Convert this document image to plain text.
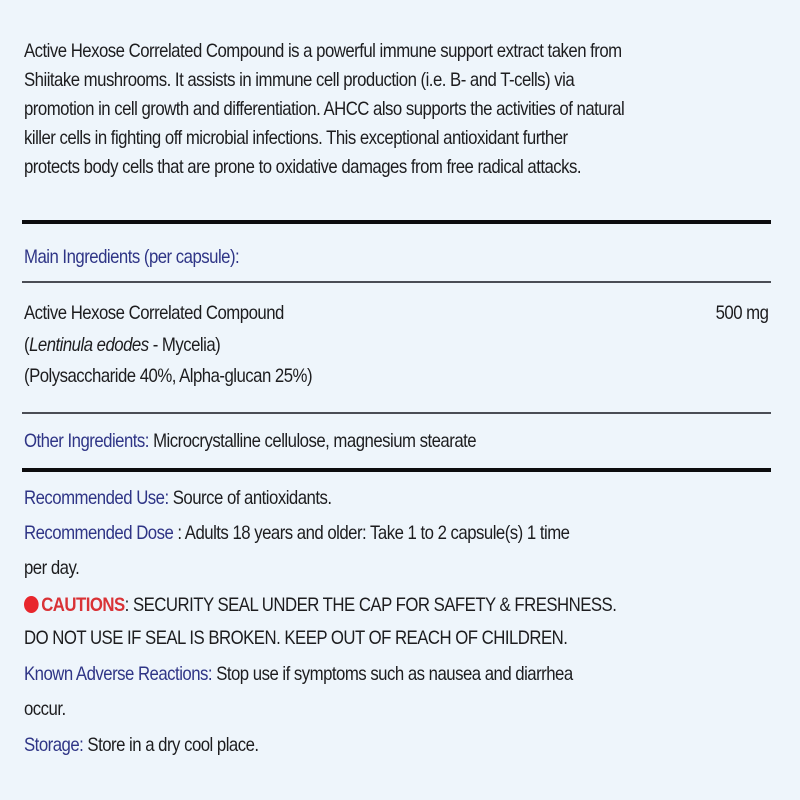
Active Hexose Correlated Compound is a powerful immune support extract taken from
Shiitake mushrooms. It assists in immune cell production (i.e. B- and T-cells) via
promotion in cell growth and differentiation. AHCC also supports the activities of natural
killer cells in fighting off microbial infections. This exceptional antioxidant further
protects body cells that are prone to oxidative damages from free radical attacks.
Main Ingredients (per capsule):
Active Hexose Correlated Compound	500 mg
(Lentinula edodes - Mycelia)
(Polysaccharide 40%, Alpha-glucan 25%)
Other Ingredients: Microcrystalline cellulose, magnesium stearate
Recommended Use: Source of antioxidants.
Recommended Dose : Adults 18 years and older: Take 1 to 2 capsule(s) 1 time
per day.
CAUTIONS: SECURITY SEAL UNDER THE CAP FOR SAFETY & FRESHNESS.
DO NOT USE IF SEAL IS BROKEN. KEEP OUT OF REACH OF CHILDREN.
Known Adverse Reactions: Stop use if symptoms such as nausea and diarrhea
occur.
Storage: Store in a dry cool place.
